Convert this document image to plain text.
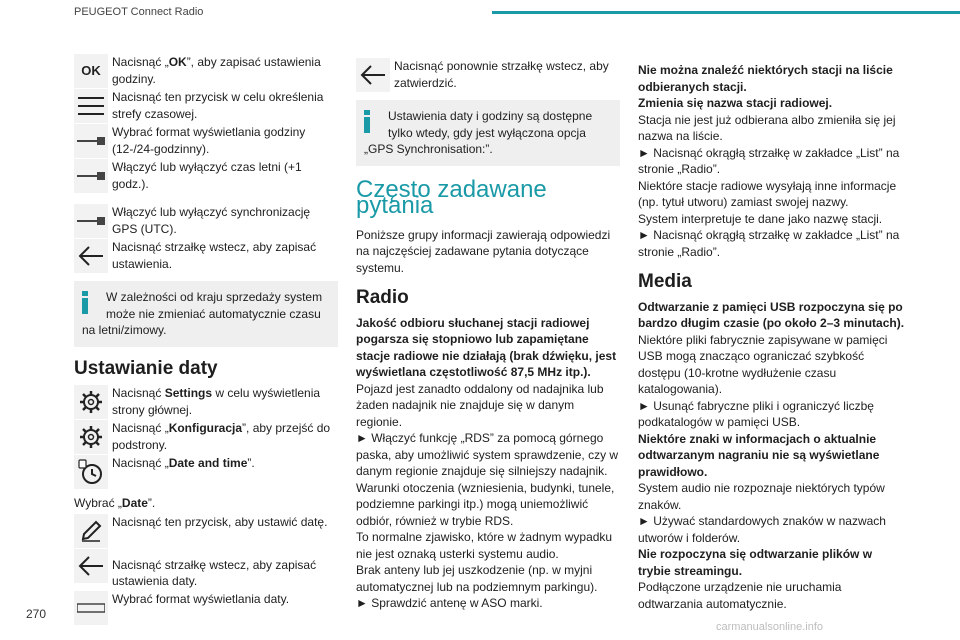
PEUGEOT Connect Radio
OK
Nacisnąć „OK”, aby zapisać ustawienia godziny.
Nacisnąć ten przycisk w celu określenia strefy czasowej.
Wybrać format wyświetlania godziny (12-/24-godzinny).
Włączyć lub wyłączyć czas letni (+1 godz.).
Włączyć lub wyłączyć synchronizację GPS (UTC).
Nacisnąć strzałkę wstecz, aby zapisać ustawienia.
W zależności od kraju sprzedaży system może nie zmieniać automatycznie czasu
na letni/zimowy.
Ustawianie daty
Nacisnąć Settings w celu wyświetlenia strony głównej.
Nacisnąć „Konfiguracja”, aby przejść do podstrony.
Nacisnąć „Date and time”.

Wybrać „Date”.

Nacisnąć ten przycisk, aby ustawić datę.
Nacisnąć strzałkę wstecz, aby zapisać ustawienia daty.
Wybrać format wyświetlania daty.
Nacisnąć ponownie strzałkę wstecz, aby zatwierdzić.
Ustawienia daty i godziny są dostępne tylko wtedy, gdy jest wyłączona opcja
„GPS Synchronisation:”.
Często zadawane pytania

Poniższe grupy informacji zawierają odpowiedzi na najczęściej zadawane pytania dotyczące systemu.

Radio

Jakość odbioru słuchanej stacji radiowej pogarsza się stopniowo lub zapamiętane stacje radiowe nie działają (brak dźwięku, jest wyświetlana częstotliwość 87,5 MHz itp.).

Pojazd jest zanadto oddalony od nadajnika lub żaden nadajnik nie znajduje się w danym regionie.

► Włączyć funkcję „RDS” za pomocą górnego paska, aby umożliwić system sprawdzenie, czy w danym regionie znajduje się silniejszy nadajnik.

Warunki otoczenia (wzniesienia, budynki, tunele, podziemne parkingi itp.) mogą uniemożliwić odbiór, również w trybie RDS.

To normalne zjawisko, które w żadnym wypadku nie jest oznaką usterki systemu audio.

Brak anteny lub jej uszkodzenie (np. w myjni automatycznej lub na podziemnym parkingu).

► Sprawdzić antenę w ASO marki.

Nie można znaleźć niektórych stacji na liście odbieranych stacji.

Zmienia się nazwa stacji radiowej.

Stacja nie jest już odbierana albo zmieniła się jej nazwa na liście.

► Nacisnąć okrągłą strzałkę w zakładce „List” na stronie „Radio”.

Niektóre stacje radiowe wysyłają inne informacje (np. tytuł utworu) zamiast swojej nazwy.

System interpretuje te dane jako nazwę stacji.

► Nacisnąć okrągłą strzałkę w zakładce „List” na stronie „Radio”.

Media

Odtwarzanie z pamięci USB rozpoczyna się po bardzo długim czasie (po około 2–3 minutach).

Niektóre pliki fabrycznie zapisywane w pamięci USB mogą znacząco ograniczać szybkość dostępu (10-krotne wydłużenie czasu katalogowania).

► Usunąć fabryczne pliki i ograniczyć liczbę podkatalogów w pamięci USB.

Niektóre znaki w informacjach o aktualnie odtwarzanym nagraniu nie są wyświetlane prawidłowo.

System audio nie rozpoznaje niektórych typów znaków.

► Używać standardowych znaków w nazwach utworów i folderów.

Nie rozpoczyna się odtwarzanie plików w trybie streamingu.

Podłączone urządzenie nie uruchamia odtwarzania automatycznie.

270
carmanualsonline.info
